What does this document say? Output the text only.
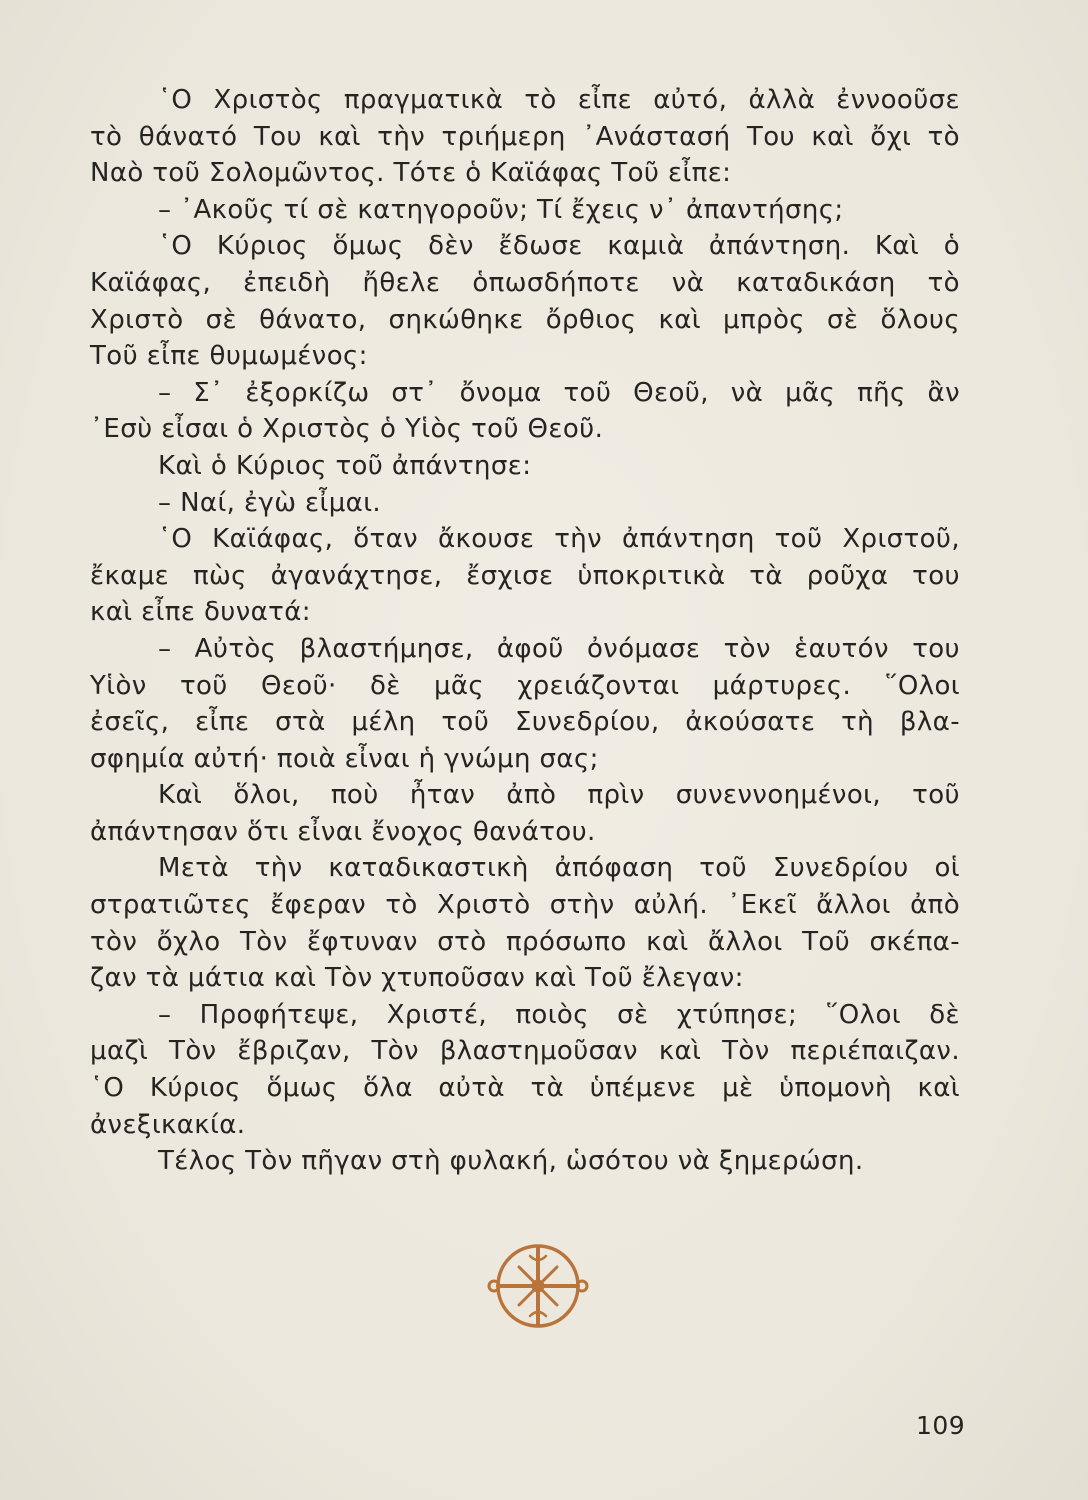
῾Ο Χριστὸς πραγματικὰ τὸ εἶπε αὐτό, ἀλλὰ ἐννοοῦσε
τὸ θάνατό Του καὶ τὴν τριήμερη ᾿Ανάστασή Του καὶ ὄχι τὸ
Ναὸ τοῦ Σολομῶντος. Τότε ὁ Καϊάφας Τοῦ εἶπε:
– ᾿Ακοῦς τί σὲ κατηγοροῦν; Τί ἔχεις ν᾿ ἀπαντήσης;
῾Ο Κύριος ὅμως δὲν ἔδωσε καμιὰ ἀπάντηση. Καὶ ὁ
Καϊάφας, ἐπειδὴ ἤθελε ὁπωσδήποτε νὰ καταδικάση τὸ
Χριστὸ σὲ θάνατο, σηκώθηκε ὄρθιος καὶ μπρὸς σὲ ὅλους
Τοῦ εἶπε θυμωμένος:
– Σ᾿ ἐξορκίζω στ᾿ ὄνομα τοῦ Θεοῦ, νὰ μᾶς πῆς ἂν
᾿Εσὺ εἶσαι ὁ Χριστὸς ὁ Υἱὸς τοῦ Θεοῦ.
Καὶ ὁ Κύριος τοῦ ἀπάντησε:
– Ναί, ἐγὼ εἶμαι.
῾Ο Καϊάφας, ὅταν ἄκουσε τὴν ἀπάντηση τοῦ Χριστοῦ,
ἔκαμε πὼς ἀγανάχτησε, ἔσχισε ὑποκριτικὰ τὰ ροῦχα του
καὶ εἶπε δυνατά:
– Αὐτὸς βλαστήμησε, ἀφοῦ ὀνόμασε τὸν ἑαυτόν του
Υἱὸν τοῦ Θεοῦ· δὲ μᾶς χρειάζονται μάρτυρες. ῞Ολοι
ἐσεῖς, εἶπε στὰ μέλη τοῦ Συνεδρίου, ἀκούσατε τὴ βλα-
σφημία αὐτή· ποιὰ εἶναι ἡ γνώμη σας;
Καὶ ὅλοι, ποὺ ἦταν ἀπὸ πρὶν συνεννοημένοι, τοῦ
ἀπάντησαν ὅτι εἶναι ἔνοχος θανάτου.
Μετὰ τὴν καταδικαστικὴ ἀπόφαση τοῦ Συνεδρίου οἱ
στρατιῶτες ἔφεραν τὸ Χριστὸ στὴν αὐλή. ᾿Εκεῖ ἄλλοι ἀπὸ
τὸν ὄχλο Τὸν ἔφτυναν στὸ πρόσωπο καὶ ἄλλοι Τοῦ σκέπα-
ζαν τὰ μάτια καὶ Τὸν χτυποῦσαν καὶ Τοῦ ἔλεγαν:
– Προφήτεψε, Χριστέ, ποιὸς σὲ χτύπησε; ῞Ολοι δὲ
μαζὶ Τὸν ἔβριζαν, Τὸν βλαστημοῦσαν καὶ Τὸν περιέπαιζαν.
῾Ο Κύριος ὅμως ὅλα αὐτὰ τὰ ὑπέμενε μὲ ὑπομονὴ καὶ
ἀνεξικακία.
Τέλος Τὸν πῆγαν στὴ φυλακή, ὡσότου νὰ ξημερώση.
109
